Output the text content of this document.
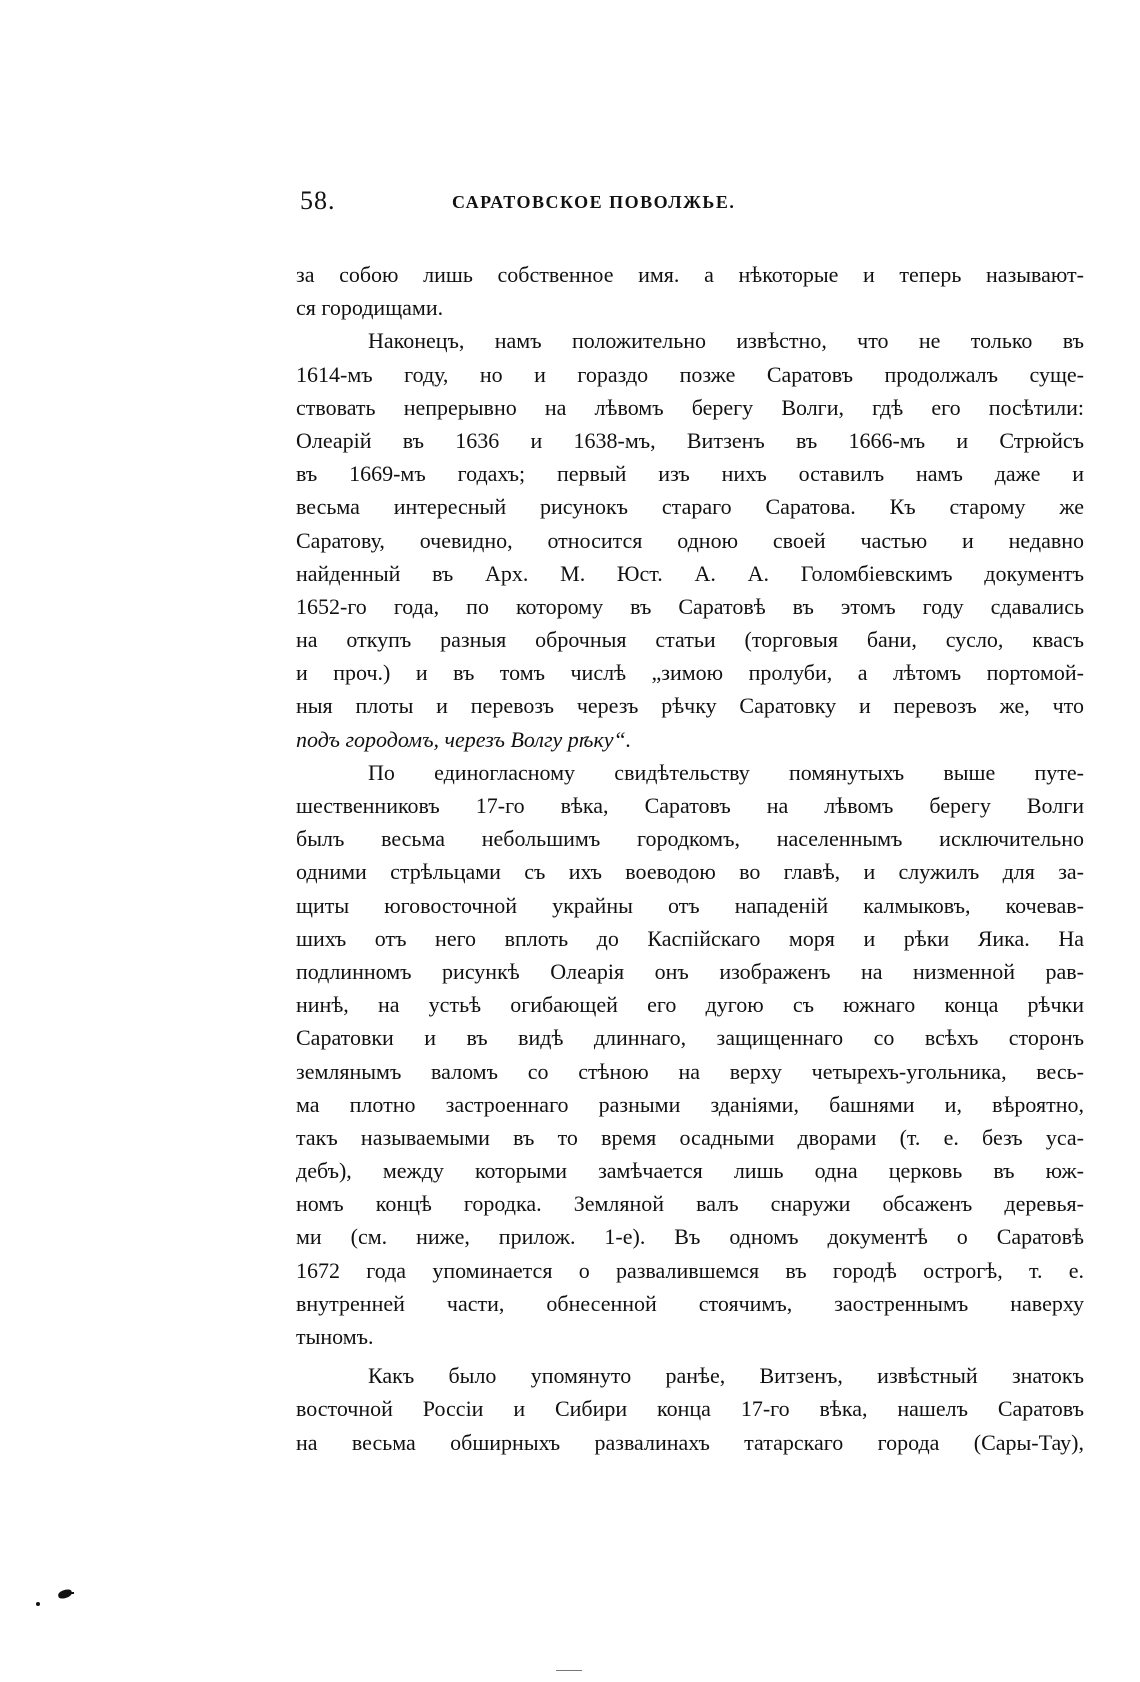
58.	САРАТОВСКОЕ ПОВОЛЖЬЕ.
за собою лишь собственное имя. а нѣкоторые и теперь называют-
ся городищами.
Наконецъ, намъ положительно извѣстно, что не только въ
1614-мъ году, но и гораздо позже Саратовъ продолжалъ суще-
ствовать непрерывно на лѣвомъ берегу Волги, гдѣ его посѣтили:
Олеарій въ 1636 и 1638-мъ, Витзенъ въ 1666-мъ и Стрюйсъ
въ 1669-мъ годахъ; первый изъ нихъ оставилъ намъ даже и
весьма интересный рисунокъ стараго Саратова. Къ старому же
Саратову, очевидно, относится одною своей частью и недавно
найденный въ Арх. М. Юст. А. А. Голомбіевскимъ документъ
1652-го года, по которому въ Саратовѣ въ этомъ году сдавались
на откупъ разныя оброчныя статьи (торговыя бани, сусло, квасъ
и проч.) и въ томъ числѣ „зимою пролуби, а лѣтомъ портомой-
ныя плоты и перевозъ черезъ рѣчку Саратовку и перевозъ же, что
подъ городомъ, черезъ Волгу рѣку“.
По единогласному свидѣтельству помянутыхъ выше путе-
шественниковъ 17-го вѣка, Саратовъ на лѣвомъ берегу Волги
былъ весьма небольшимъ городкомъ, населеннымъ исключительно
одними стрѣльцами съ ихъ воеводою во главѣ, и служилъ для за-
щиты юговосточной украйны отъ нападеній калмыковъ, кочевав-
шихъ отъ него вплоть до Каспійскаго моря и рѣки Яика. На
подлинномъ рисункѣ Олеарія онъ изображенъ на низменной рав-
нинѣ, на устьѣ огибающей его дугою съ южнаго конца рѣчки
Саратовки и въ видѣ длиннаго, защищеннаго со всѣхъ сторонъ
землянымъ валомъ со стѣною на верху четырехъ-угольника, весь-
ма плотно застроеннаго разными зданіями, башнями и, вѣроятно,
такъ называемыми въ то время осадными дворами (т. е. безъ уса-
дебъ), между которыми замѣчается лишь одна церковь въ юж-
номъ концѣ городка. Земляной валъ снаружи обсаженъ деревья-
ми (см. ниже, прилож. 1-е). Въ одномъ документѣ о Саратовѣ
1672 года упоминается о развалившемся въ городѣ острогѣ, т. е.
внутренней части, обнесенной стоячимъ, заостреннымъ наверху
тыномъ.
Какъ было упомянуто ранѣе, Витзенъ, извѣстный знатокъ
восточной Россіи и Сибири конца 17-го вѣка, нашелъ Саратовъ
на весьма обширныхъ развалинахъ татарскаго города (Сары-Тау),
